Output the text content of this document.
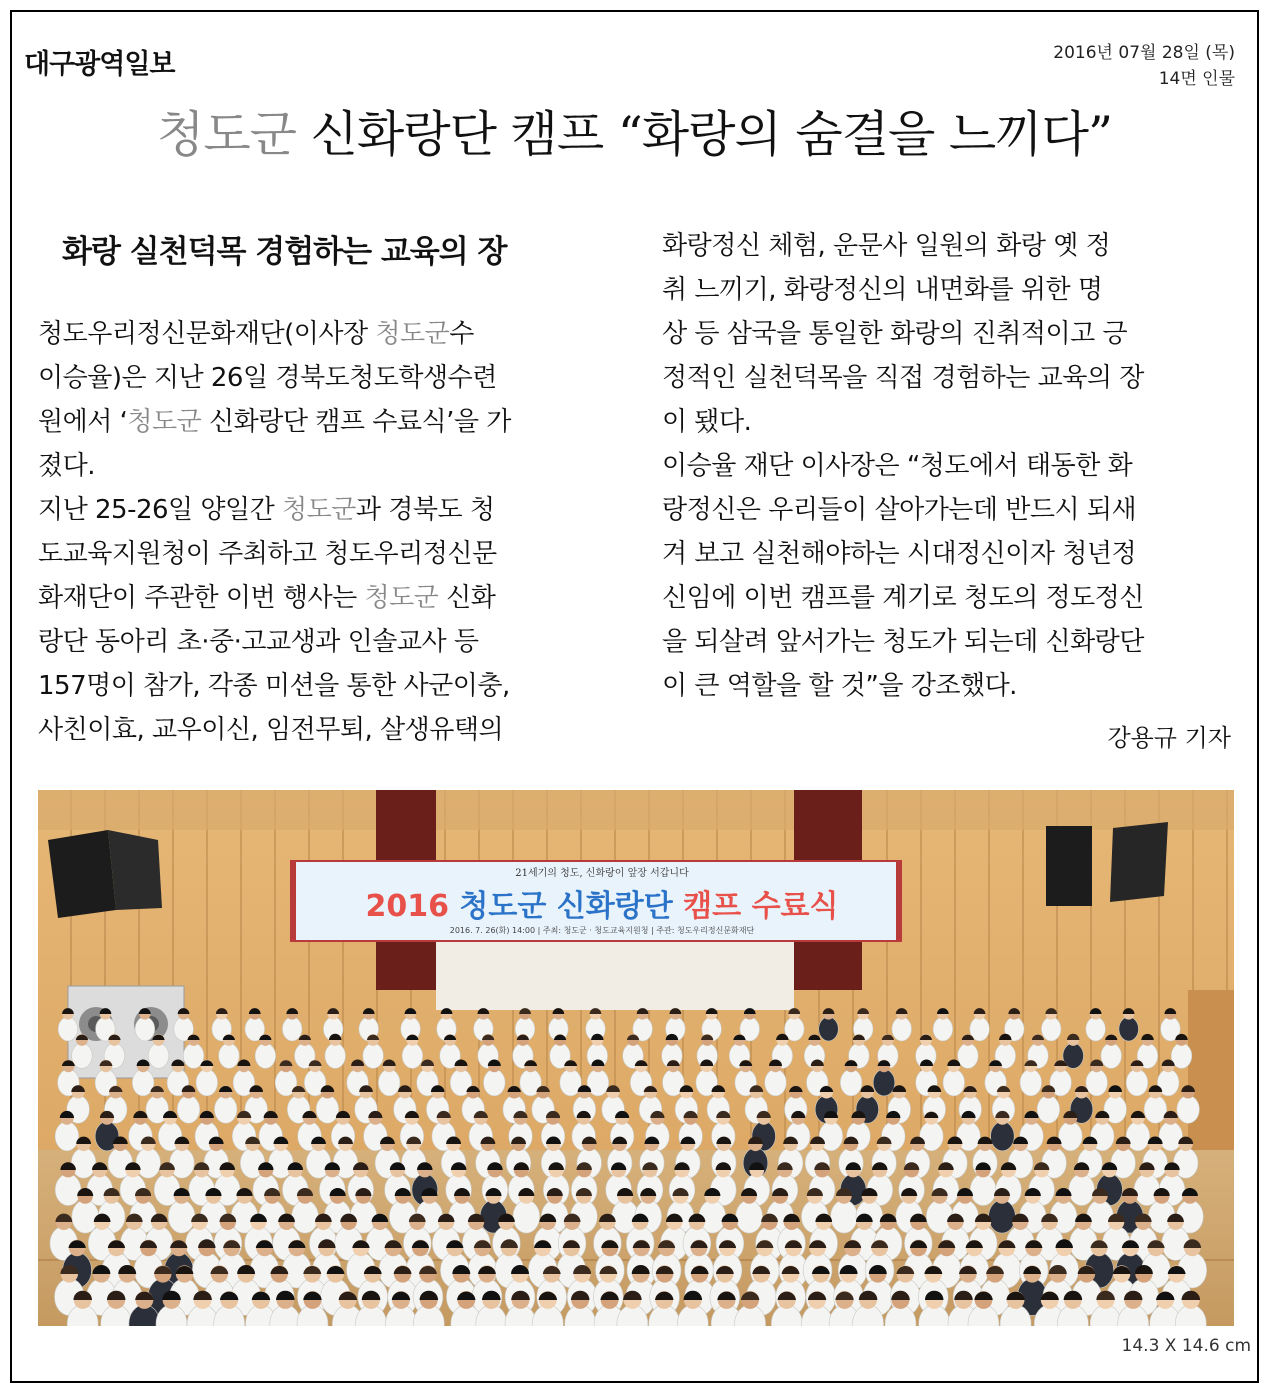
대구광역일보	2016년 07월 28일 (목)
14면 인물
청도군 신화랑단 캠프 “화랑의 숨결을 느끼다”
화랑 실천덕목 경험하는 교육의 장
청도우리정신문화재단(이사장 청도군수
이승율)은 지난 26일 경북도청도학생수련
원에서 ‘청도군 신화랑단 캠프 수료식’을 가
졌다.
지난 25-26일 양일간 청도군과 경북도 청
도교육지원청이 주최하고 청도우리정신문
화재단이 주관한 이번 행사는 청도군 신화
랑단 동아리 초·중·고교생과 인솔교사 등
157명이 참가, 각종 미션을 통한 사군이충,
사친이효, 교우이신, 임전무퇴, 살생유택의
화랑정신 체험, 운문사 일원의 화랑 옛 정
취 느끼기, 화랑정신의 내면화를 위한 명
상 등 삼국을 통일한 화랑의 진취적이고 긍
정적인 실천덕목을 직접 경험하는 교육의 장
이 됐다.
이승율 재단 이사장은 “청도에서 태동한 화
랑정신은 우리들이 살아가는데 반드시 되새
겨 보고 실천해야하는 시대정신이자 청년정
신임에 이번 캠프를 계기로 청도의 정도정신
을 되살려 앞서가는 청도가 되는데 신화랑단
이 큰 역할을 할 것”을 강조했다.
강용규 기자
21세기의 청도, 신화랑이 앞장 서갑니다
2016 청도군 신화랑단 캠프 수료식
2016. 7. 26(화) 14:00 | 주최: 청도군 · 청도교육지원청 | 주관: 청도우리정신문화재단
14.3 X 14.6 cm
